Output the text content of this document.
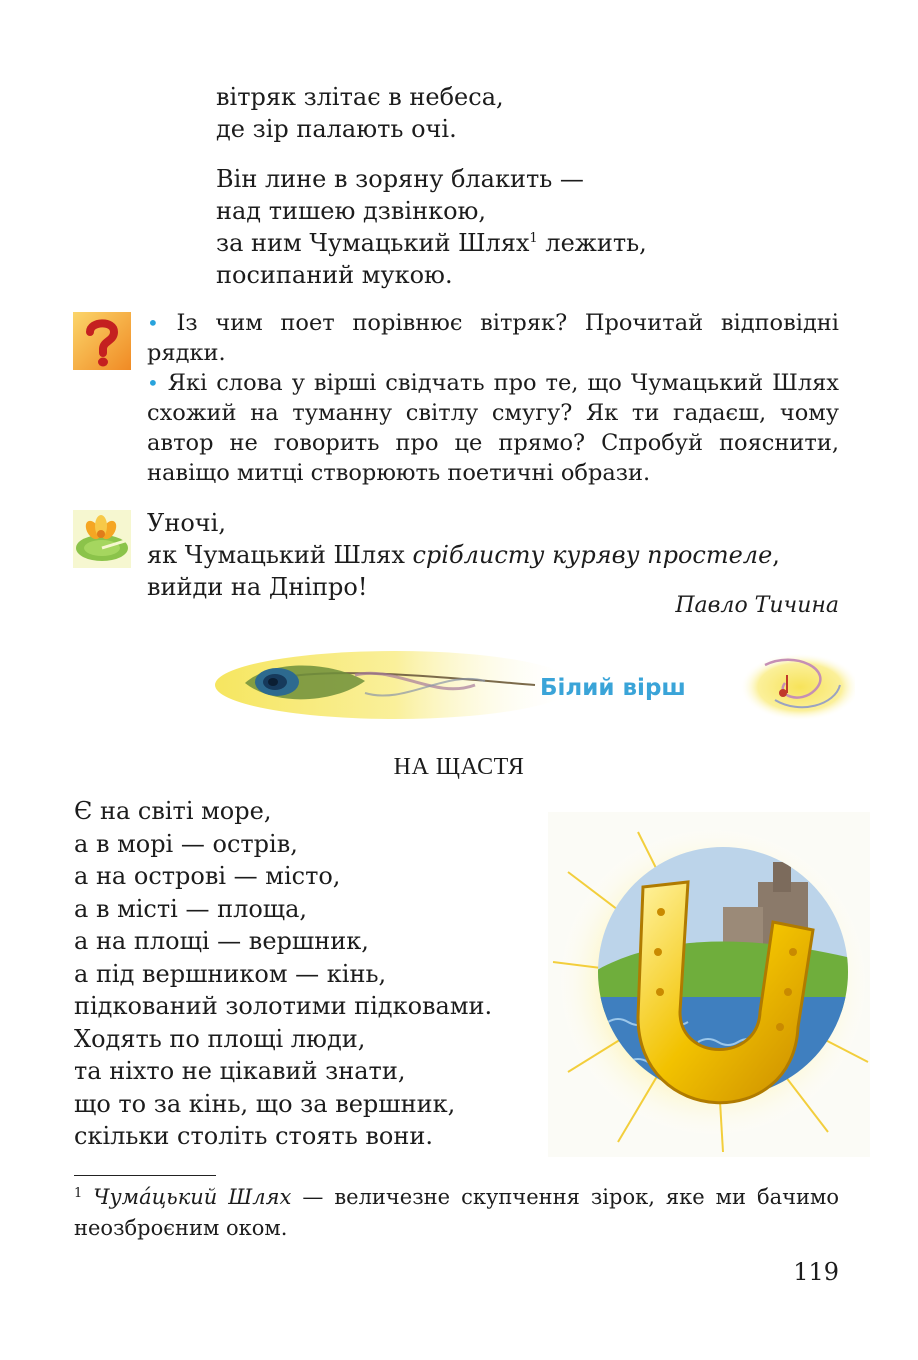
вітряк злітає в небеса,
де зір палають очі.
Він лине в зоряну блакить —
над тишею дзвінкою,
за ним Чумацький Шлях$^1$ лежить,
посипаний мукою.

• Із чим поет порівнює вітряк? Прочитай відповідні рядки.

• Які слова у вірші свідчать про те, що Чумацький Шлях схожий на туманну світлу смугу? Як ти гадаєш, чому автор не говорить про це прямо? Спробуй пояснити, навіщо митці створюють поетичні образи.

Уночі,
як Чумацький Шлях сріблисту куряву простеле,
вийди на Дніпро!
Павло Тичина
Білий вірш
НА ЩАСТЯ
Є на світі море,
а в морі — острів,
а на острові — місто,
а в місті — площа,
а на площі — вершник,
а під вершником — кінь,
підкований золотими підковами.
Ходять по площі люди,
та ніхто не цікавий знати,
що то за кінь, що за вершник,
скільки століть стоять вони.
$^1$ Чума́цький Шлях — величезне скупчення зірок, яке ми бачимо неозброєним оком.
119
